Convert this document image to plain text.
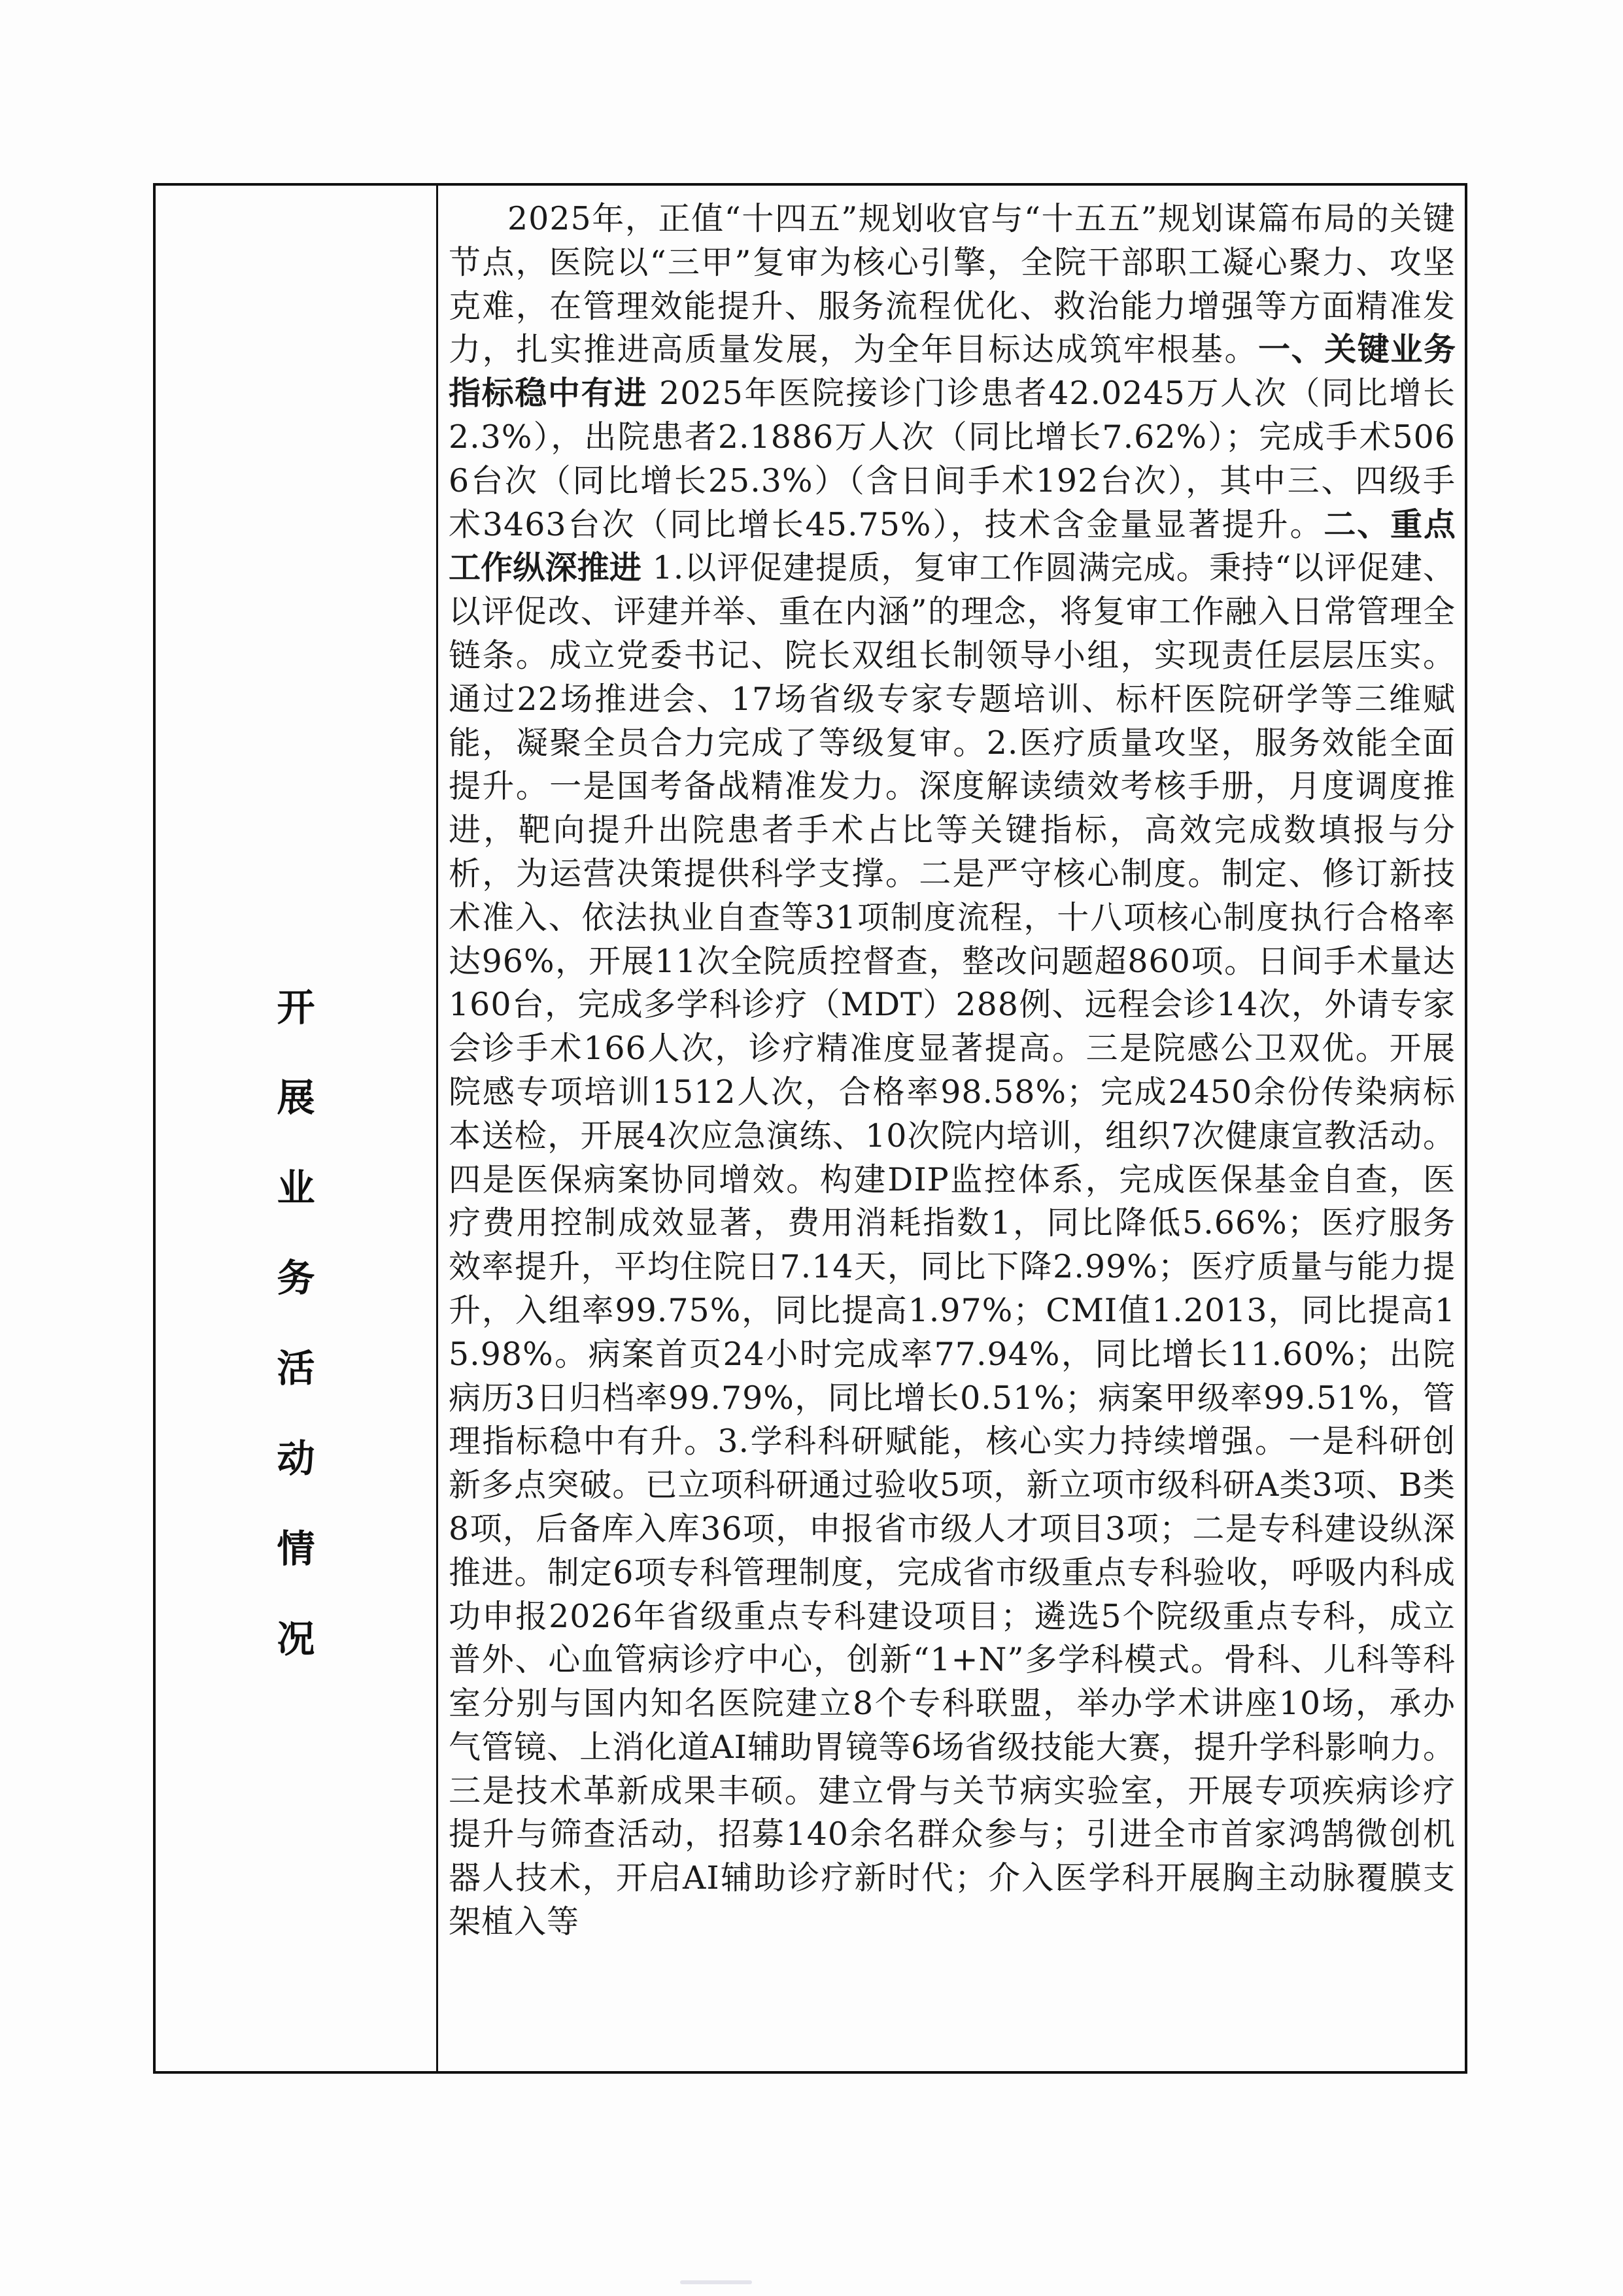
开
展
业
务
活
动
情
况
2025年，正值“十四五”规划收官与“十五五”规划谋篇布局的关键节点，医院以“三甲”复审为核心引擎，全院干部职工凝心聚力、攻坚克难，在管理效能提升、服务流程优化、救治能力增强等方面精准发力，扎实推进高质量发展，为全年目标达成筑牢根基。一、关键业务指标稳中有进 2025年医院接诊门诊患者42.0245万人次（同比增长2.3%），出院患者2.1886万人次（同比增长7.62%）；完成手术5066台次（同比增长25.3%）（含日间手术192台次），其中三、四级手术3463台次（同比增长45.75%），技术含金量显著提升。二、重点工作纵深推进 1.以评促建提质，复审工作圆满完成。秉持“以评促建、以评促改、评建并举、重在内涵”的理念，将复审工作融入日常管理全链条。成立党委书记、院长双组长制领导小组，实现责任层层压实。通过22场推进会、17场省级专家专题培训、标杆医院研学等三维赋能，凝聚全员合力完成了等级复审。2.医疗质量攻坚，服务效能全面提升。一是国考备战精准发力。深度解读绩效考核手册，月度调度推进，靶向提升出院患者手术占比等关键指标，高效完成数填报与分析，为运营决策提供科学支撑。二是严守核心制度。制定、修订新技术准入、依法执业自查等31项制度流程，十八项核心制度执行合格率达96%，开展11次全院质控督查，整改问题超860项。日间手术量达160台，完成多学科诊疗（MDT）288例、远程会诊14次，外请专家会诊手术166人次，诊疗精准度显著提高。三是院感公卫双优。开展院感专项培训1512人次，合格率98.58%；完成2450余份传染病标本送检，开展4次应急演练、10次院内培训，组织7次健康宣教活动。四是医保病案协同增效。构建DIP监控体系，完成医保基金自查，医疗费用控制成效显著，费用消耗指数1，同比降低5.66%；医疗服务效率提升，平均住院日7.14天，同比下降2.99%；医疗质量与能力提升，入组率99.75%，同比提高1.97%；CMI值1.2013，同比提高15.98%。病案首页24小时完成率77.94%，同比增长11.60%；出院病历3日归档率99.79%，同比增长0.51%；病案甲级率99.51%，管理指标稳中有升。3.学科科研赋能，核心实力持续增强。一是科研创新多点突破。已立项科研通过验收5项，新立项市级科研A类3项、B类8项，后备库入库36项，申报省市级人才项目3项；二是专科建设纵深推进。制定6项专科管理制度，完成省市级重点专科验收，呼吸内科成功申报2026年省级重点专科建设项目；遴选5个院级重点专科，成立普外、心血管病诊疗中心，创新“1+N”多学科模式。骨科、儿科等科室分别与国内知名医院建立8个专科联盟，举办学术讲座10场，承办气管镜、上消化道AI辅助胃镜等6场省级技能大赛，提升学科影响力。三是技术革新成果丰硕。建立骨与关节病实验室，开展专项疾病诊疗提升与筛查活动，招募140余名群众参与；引进全市首家鸿鹄微创机器人技术，开启AI辅助诊疗新时代；介入医学科开展胸主动脉覆膜支架植入等
